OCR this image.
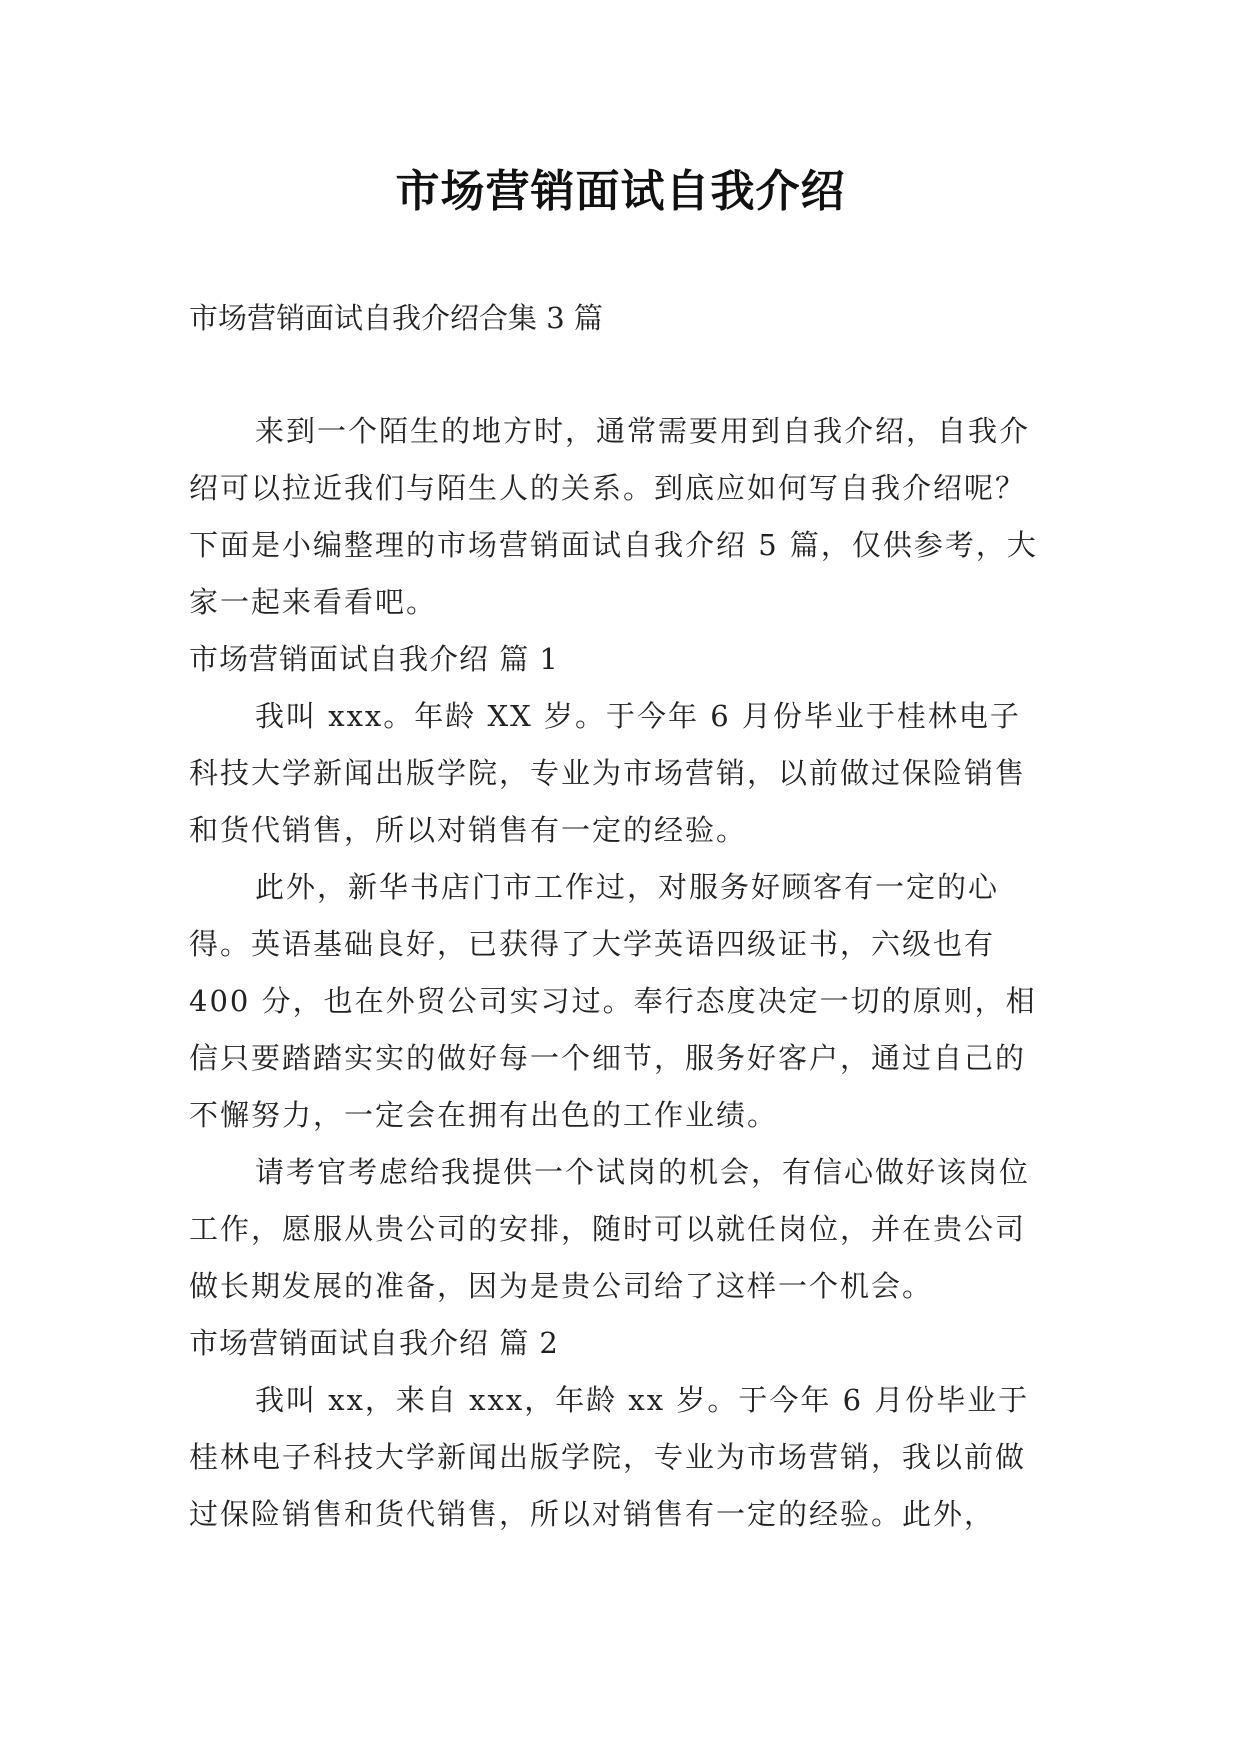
市场营销面试自我介绍
市场营销面试自我介绍合集 3 篇

来到一个陌生的地方时，通常需要用到自我介绍，自我介绍可以拉近我们与陌生人的关系。到底应如何写自我介绍呢？下面是小编整理的市场营销面试自我介绍 5 篇，仅供参考，大家一起来看看吧。

市场营销面试自我介绍 篇 1

我叫 xxx。年龄 XX 岁。于今年 6 月份毕业于桂林电子科技大学新闻出版学院，专业为市场营销，以前做过保险销售和货代销售，所以对销售有一定的经验。

此外，新华书店门市工作过，对服务好顾客有一定的心得。英语基础良好，已获得了大学英语四级证书，六级也有 400 分，也在外贸公司实习过。奉行态度决定一切的原则，相信只要踏踏实实的做好每一个细节，服务好客户，通过自己的不懈努力，一定会在拥有出色的工作业绩。

请考官考虑给我提供一个试岗的机会，有信心做好该岗位工作，愿服从贵公司的安排，随时可以就任岗位，并在贵公司做长期发展的准备，因为是贵公司给了这样一个机会。

市场营销面试自我介绍 篇 2

我叫 xx，来自 xxx，年龄 xx 岁。于今年 6 月份毕业于桂林电子科技大学新闻出版学院，专业为市场营销，我以前做过保险销售和货代销售，所以对销售有一定的经验。此外，
